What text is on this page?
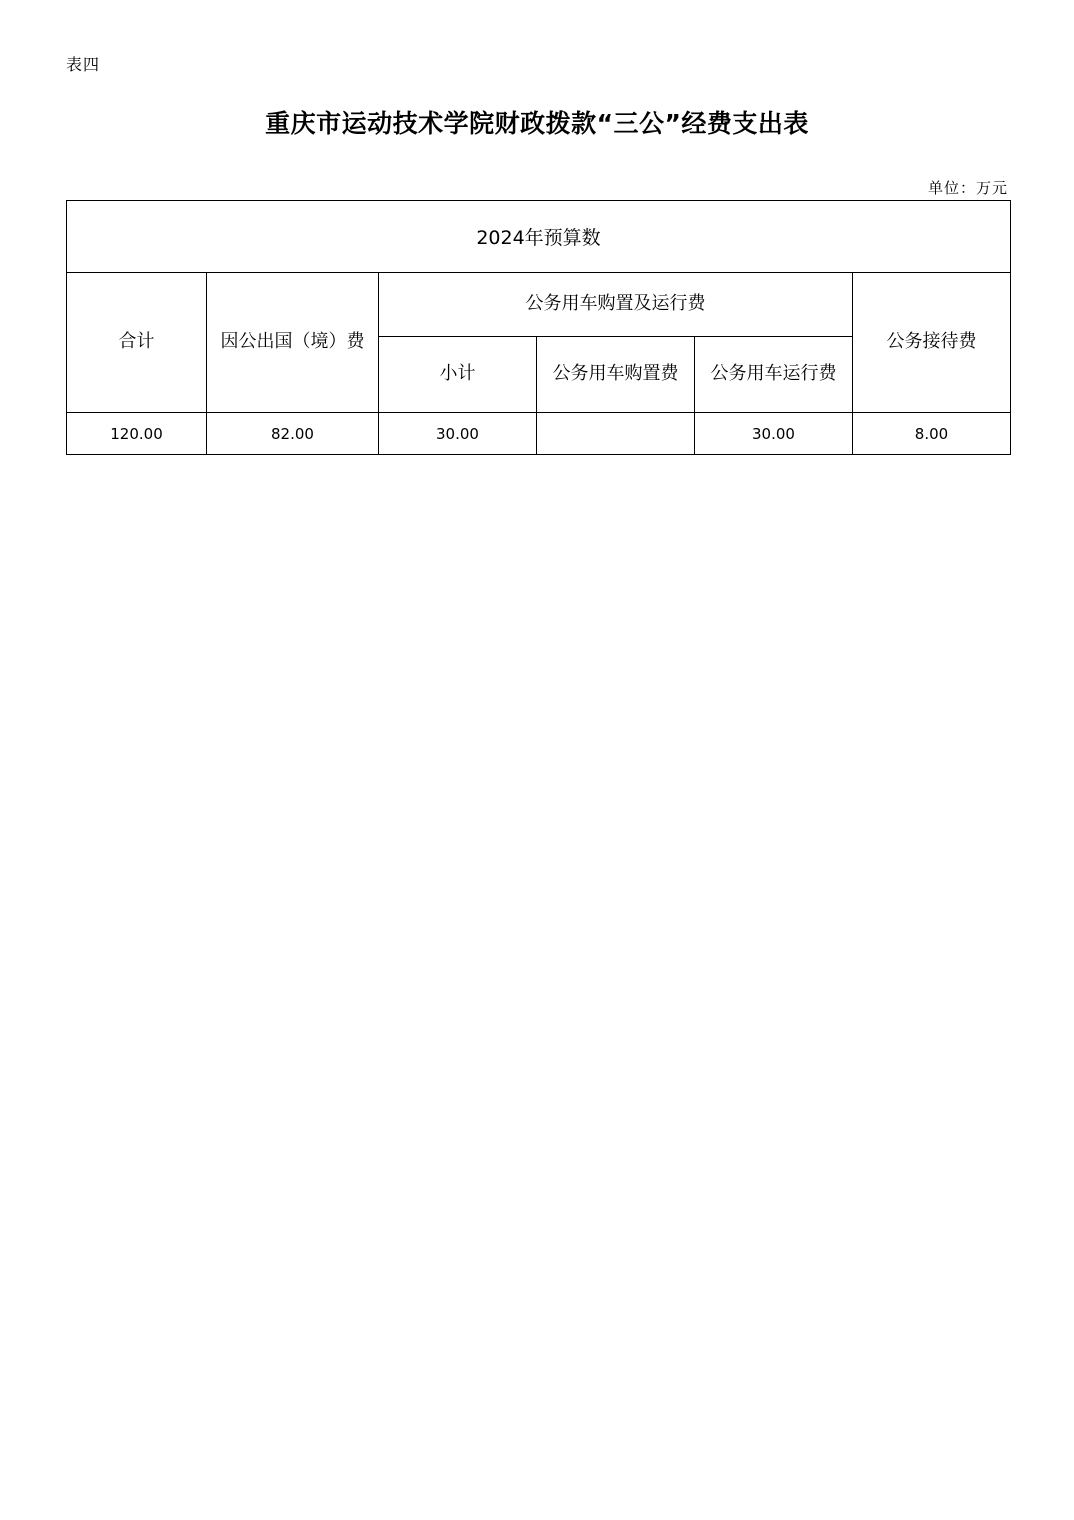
表四
重庆市运动技术学院财政拨款“三公”经费支出表
单位：万元
2024年预算数					
合计	因公出国（境）费	公务用车购置及运行费			公务接待费
		小计	公务用车购置费	公务用车运行费	
120.00	82.00	30.00		30.00	8.00
